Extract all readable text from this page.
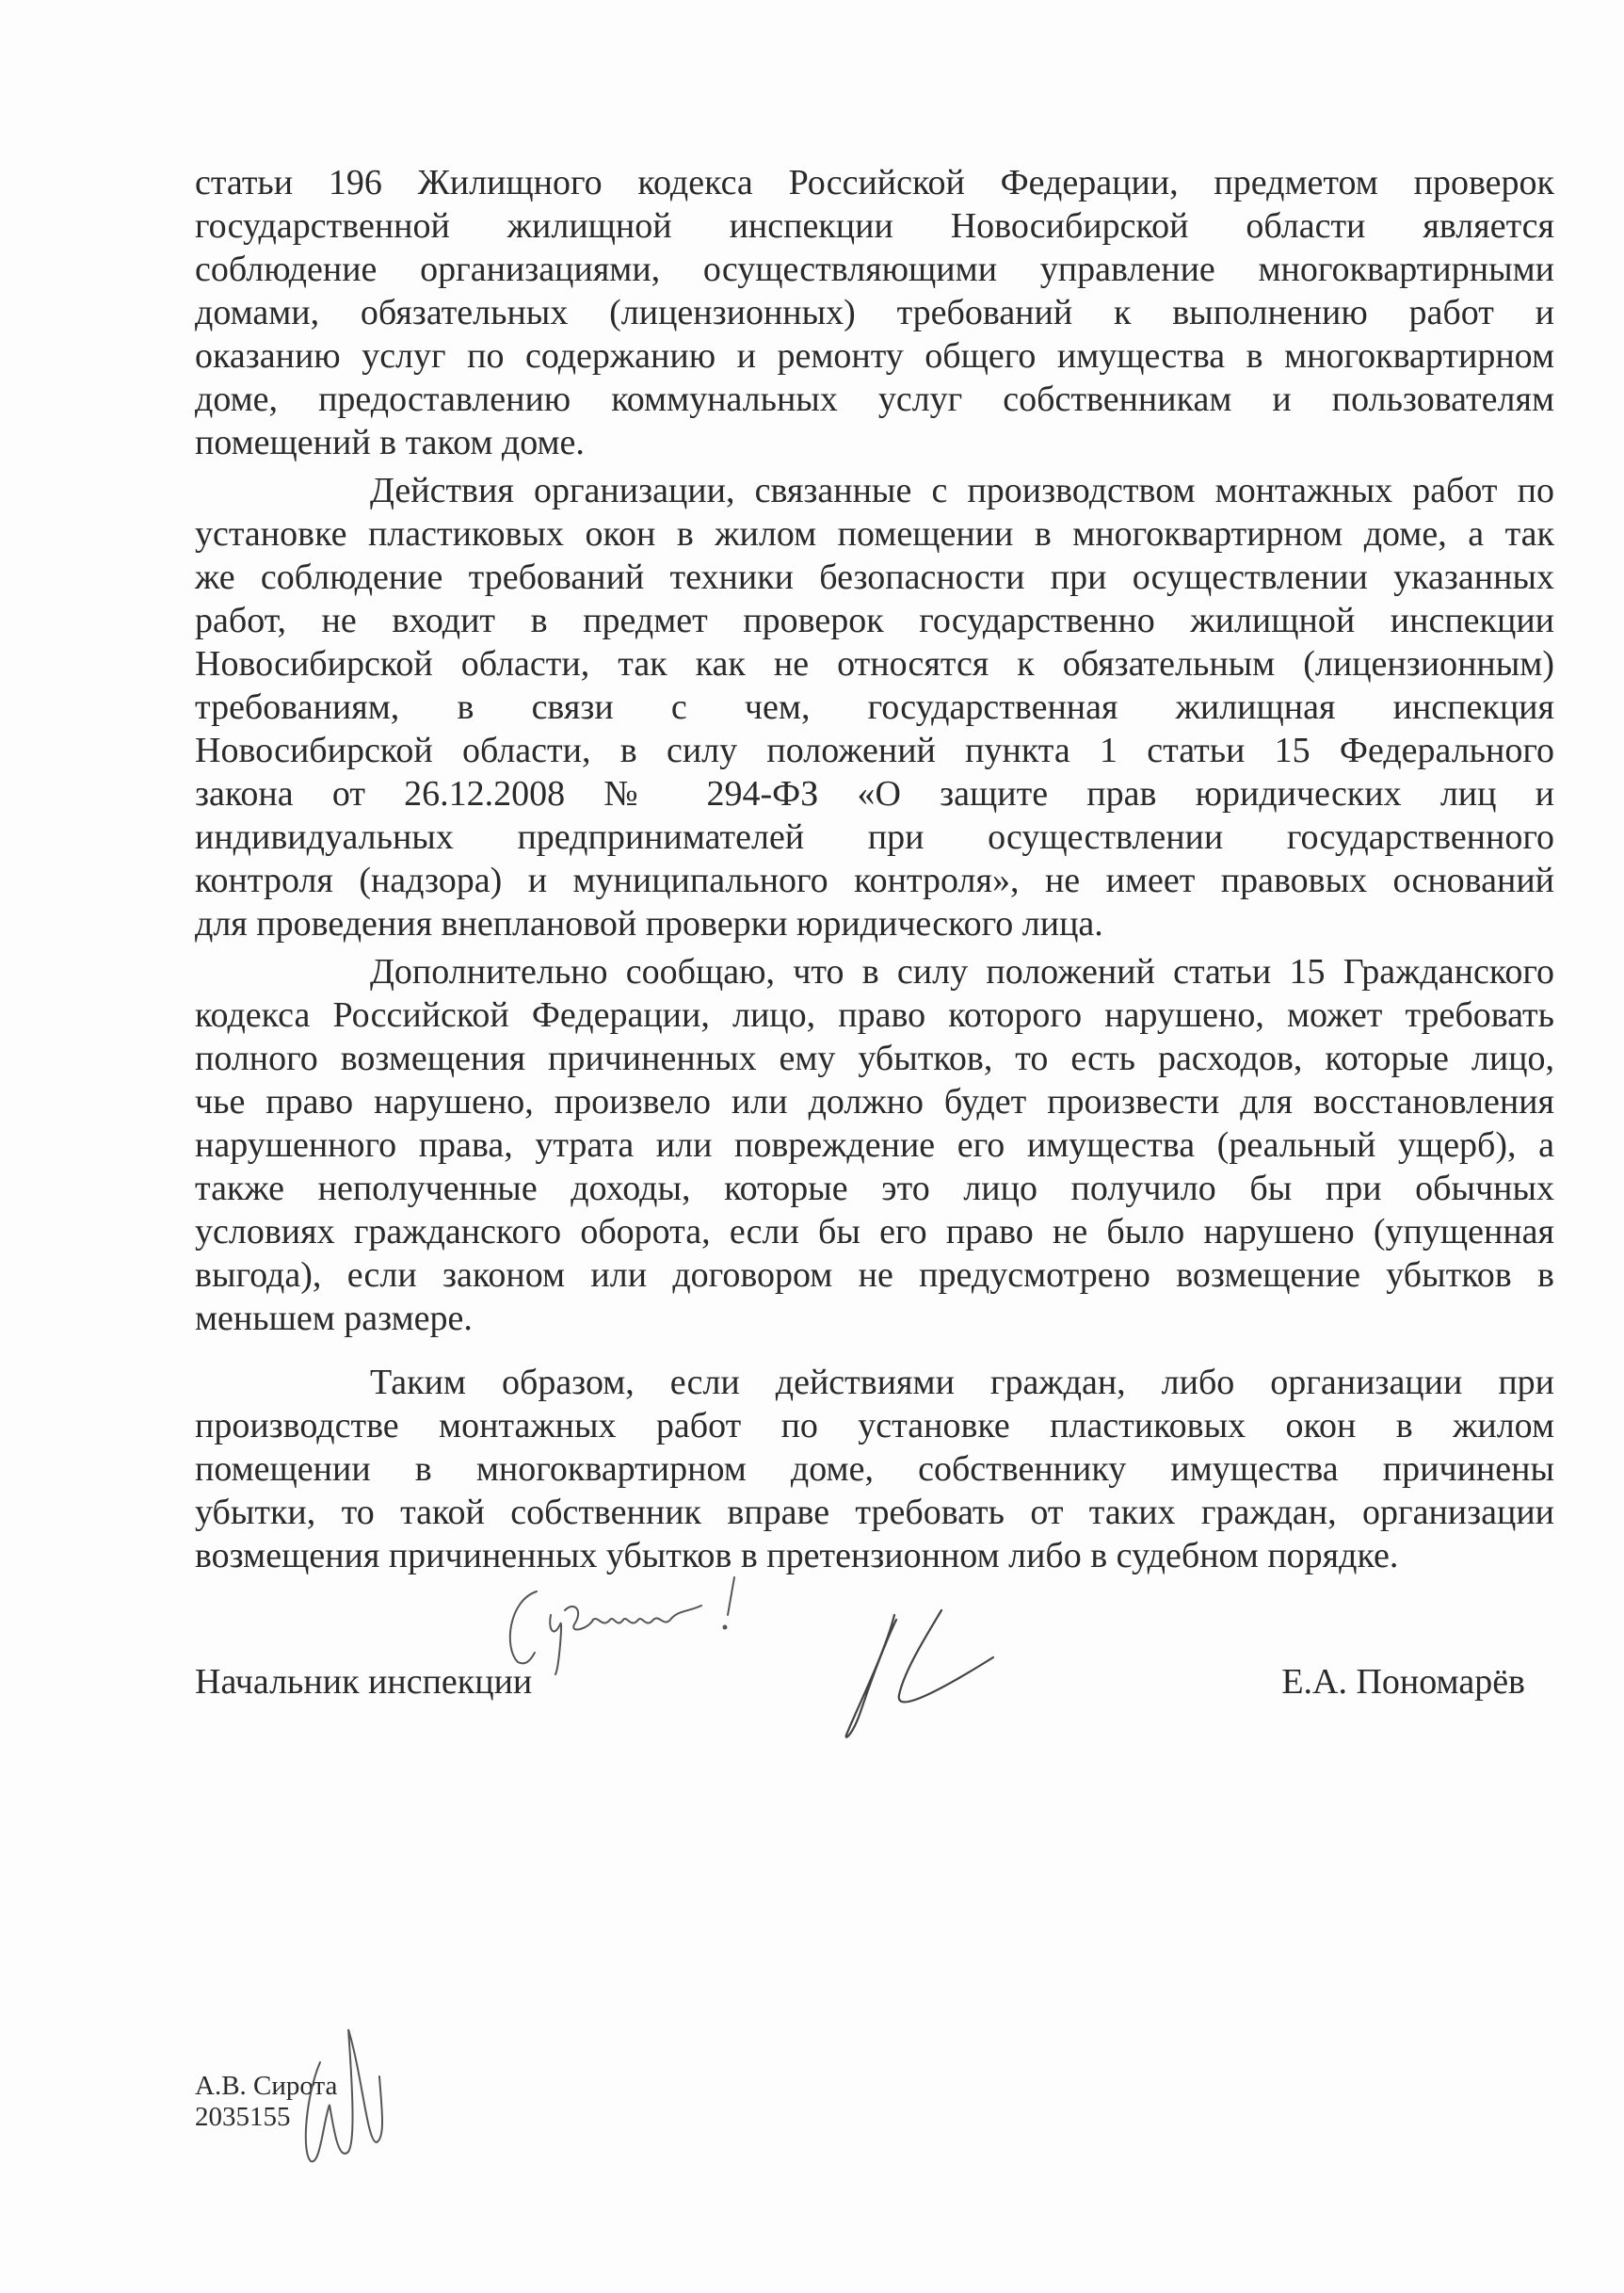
статьи 196 Жилищного кодекса Российской Федерации, предметом проверок
государственной жилищной инспекции Новосибирской области является
соблюдение организациями, осуществляющими управление многоквартирными
домами, обязательных (лицензионных) требований к выполнению работ и
оказанию услуг по содержанию и ремонту общего имущества в многоквартирном
доме, предоставлению коммунальных услуг собственникам и пользователям
помещений в таком доме.
Действия организации, связанные с производством монтажных работ по
установке пластиковых окон в жилом помещении в многоквартирном доме, а так
же соблюдение требований техники безопасности при осуществлении указанных
работ, не входит в предмет проверок государственно жилищной инспекции
Новосибирской области, так как не относятся к обязательным (лицензионным)
требованиям, в связи с чем, государственная жилищная инспекция
Новосибирской области, в силу положений пункта 1 статьи 15 Федерального
закона от 26.12.2008 № 294-ФЗ «О защите прав юридических лиц и
индивидуальных предпринимателей при осуществлении государственного
контроля (надзора) и муниципального контроля», не имеет правовых оснований
для проведения внеплановой проверки юридического лица.
Дополнительно сообщаю, что в силу положений статьи 15 Гражданского
кодекса Российской Федерации, лицо, право которого нарушено, может требовать
полного возмещения причиненных ему убытков, то есть расходов, которые лицо,
чье право нарушено, произвело или должно будет произвести для восстановления
нарушенного права, утрата или повреждение его имущества (реальный ущерб), а
также неполученные доходы, которые это лицо получило бы при обычных
условиях гражданского оборота, если бы его право не было нарушено (упущенная
выгода), если законом или договором не предусмотрено возмещение убытков в
меньшем размере.
Таким образом, если действиями граждан, либо организации при
производстве монтажных работ по установке пластиковых окон в жилом
помещении в многоквартирном доме, собственнику имущества причинены
убытки, то такой собственник вправе требовать от таких граждан, организации
возмещения причиненных убытков в претензионном либо в судебном порядке.
Начальник инспекции	Е.А. Пономарёв
А.В. Сирота
2035155
